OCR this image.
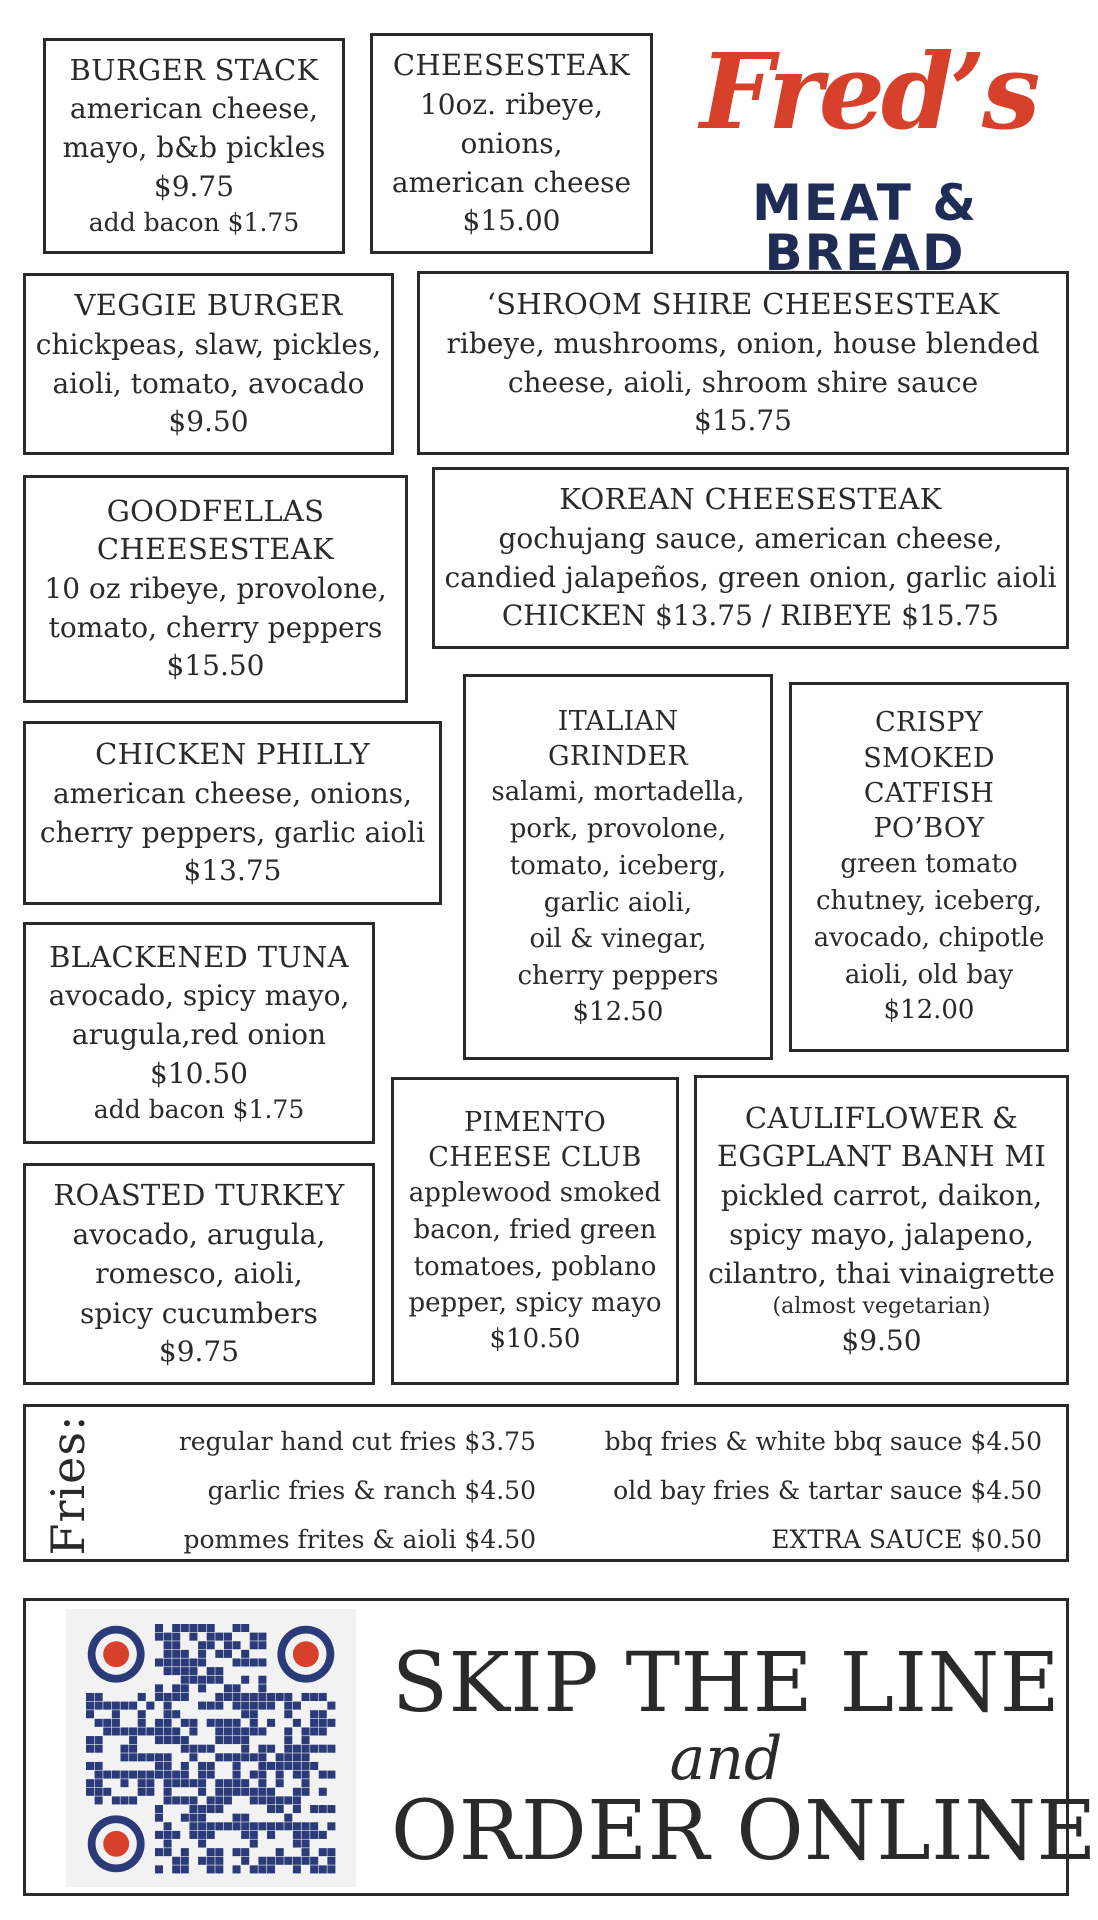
Fred’s
MEAT & BREAD
BURGER STACK
american cheese,
mayo, b&b pickles
$9.75
add bacon $1.75
CHEESESTEAK
10oz. ribeye,
onions,
american cheese
$15.00
VEGGIE BURGER
chickpeas, slaw, pickles,
aioli, tomato, avocado
$9.50
‘SHROOM SHIRE CHEESESTEAK
ribeye, mushrooms, onion, house blended
cheese, aioli, shroom shire sauce
$15.75
GOODFELLAS
CHEESESTEAK
10 oz ribeye, provolone,
tomato, cherry peppers
$15.50
KOREAN CHEESESTEAK
gochujang sauce, american cheese,
candied jalapeños, green onion, garlic aioli
CHICKEN $13.75 / RIBEYE $15.75
CHICKEN PHILLY
american cheese, onions,
cherry peppers, garlic aioli
$13.75
ITALIAN
GRINDER
salami, mortadella,
pork, provolone,
tomato, iceberg,
garlic aioli,
oil & vinegar,
cherry peppers
$12.50
CRISPY
SMOKED
CATFISH
PO’BOY
green tomato
chutney, iceberg,
avocado, chipotle
aioli, old bay
$12.00
BLACKENED TUNA
avocado, spicy mayo,
arugula,red onion
$10.50
add bacon $1.75
ROASTED TURKEY
avocado, arugula,
romesco, aioli,
spicy cucumbers
$9.75
PIMENTO
CHEESE CLUB
applewood smoked
bacon, fried green
tomatoes, poblano
pepper, spicy mayo
$10.50
CAULIFLOWER &
EGGPLANT BANH MI
pickled carrot, daikon,
spicy mayo, jalapeno,
cilantro, thai vinaigrette
(almost vegetarian)
$9.50
Fries:	regular hand cut fries $3.75
garlic fries & ranch $4.50
pommes frites & aioli $4.50
bbq fries & white bbq sauce $4.50
old bay fries & tartar sauce $4.50
EXTRA SAUCE $0.50
SKIP THE LINE
and
ORDER ONLINE
